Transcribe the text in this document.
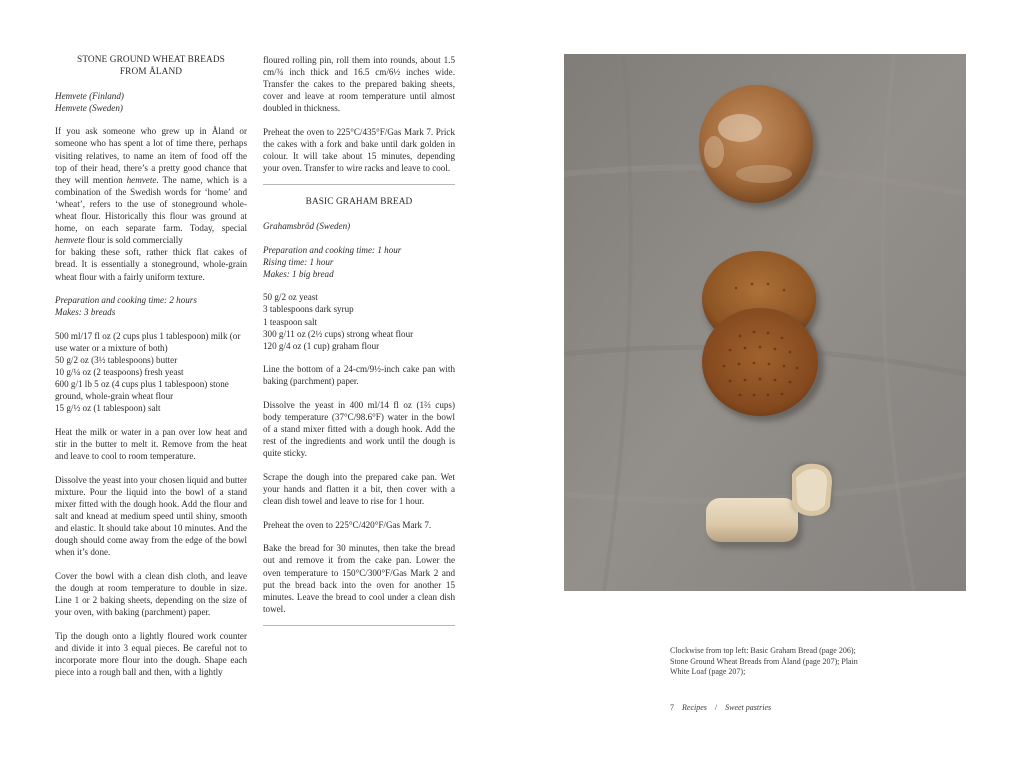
STONE GROUND WHEAT BREADS
FROM ÅLAND

Hemvete (Finland)
Hemvete (Sweden)

If you ask someone who grew up in Åland or someone who has spent a lot of time there, perhaps visiting relatives, to name an item of food off the top of their head, there’s a pretty good chance that they will mention hemvete. The name, which is a combination of the Swedish words for ‘home’ and ‘wheat’, refers to the use of stoneground whole-wheat flour. Historically this flour was ground at home, on each separate farm. Today, special hemvete flour is sold commercially
for baking these soft, rather thick flat cakes of bread. It is essentially a stoneground, whole-grain wheat flour with a fairly uniform texture.

Preparation and cooking time: 2 hours
Makes: 3 breads

500 ml/17 fl oz (2 cups plus 1 tablespoon) milk (or use water or a mixture of both)
50 g/2 oz (3½ tablespoons) butter
10 g/¼ oz (2 teaspoons) fresh yeast
600 g/1 lb 5 oz (4 cups plus 1 tablespoon) stone ground, whole-grain wheat flour
15 g/½ oz (1 tablespoon) salt

Heat the milk or water in a pan over low heat and stir in the butter to melt it. Remove from the heat and leave to cool to room temperature.

Dissolve the yeast into your chosen liquid and butter mixture. Pour the liquid into the bowl of a stand mixer fitted with the dough hook. Add the flour and salt and knead at medium speed until shiny, smooth and elastic. It should take about 10 minutes. And the dough should come away from the edge of the bowl when it’s done.

Cover the bowl with a clean dish cloth, and leave the dough at room temperature to double in size. Line 1 or 2 baking sheets, depending on the size of your oven, with baking (parchment) paper.

Tip the dough onto a lightly floured work counter and divide it into 3 equal pieces. Be careful not to incorporate more flour into the dough. Shape each piece into a rough ball and then, with a lightly

floured rolling pin, roll them into rounds, about 1.5 cm/¾ inch thick and 16.5 cm/6½ inches wide. Transfer the cakes to the prepared baking sheets, cover and leave at room temperature until almost doubled in thickness.

Preheat the oven to 225°C/435°F/Gas Mark 7. Prick the cakes with a fork and bake until dark golden in colour. It will take about 15 minutes, depending your oven. Transfer to wire racks and leave to cool.

BASIC GRAHAM BREAD

Grahamsbröd (Sweden)

Preparation and cooking time: 1 hour
Rising time: 1 hour
Makes: 1 big bread

50 g/2 oz yeast
3 tablespoons dark syrup
1 teaspoon salt
300 g/11 oz (2½ cups) strong wheat flour
120 g/4 oz (1 cup) graham flour

Line the bottom of a 24-cm/9½-inch cake pan with baking (parchment) paper.

Dissolve the yeast in 400 ml/14 fl oz (1⅔ cups) body temperature (37°C/98.6°F) water in the bowl of a stand mixer fitted with a dough hook. Add the rest of the ingredients and work until the dough is quite sticky.

Scrape the dough into the prepared cake pan. Wet your hands and flatten it a bit, then cover with a clean dish towel and leave to rise for 1 hour.

Preheat the oven to 225°C/420°F/Gas Mark 7.

Bake the bread for 30 minutes, then take the bread out and remove it from the cake pan. Lower the oven temperature to 150°C/300°F/Gas Mark 2 and put the bread back into the oven for another 15 minutes. Leave the bread to cool under a clean dish towel.

Clockwise from top left: Basic Graham Bread (page 206);
Stone Ground Wheat Breads from Åland (page 207); Plain
White Loaf (page 207);
7 Recipes / Sweet pastries
